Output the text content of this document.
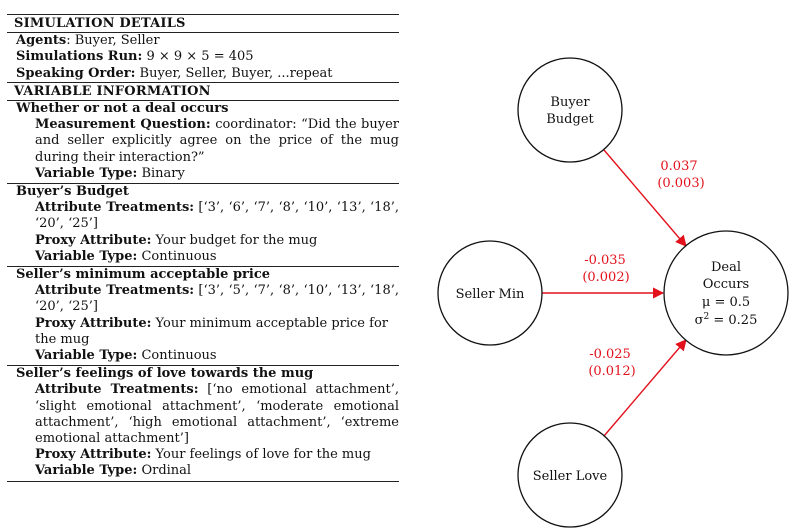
SIMULATION DETAILS
Agents: Buyer, Seller
Simulations Run: 9 × 9 × 5 = 405
Speaking Order: Buyer, Seller, Buyer, ...repeat
VARIABLE INFORMATION
Whether or not a deal occurs
Measurement Question: coordinator: “Did the buyer and seller explicitly agree on the price of the mug during their interaction?”
Variable Type: Binary
Buyer’s Budget
Attribute Treatments: [‘3’, ‘6’, ‘7’, ‘8’, ‘10’, ‘13’, ‘18’, ‘20’, ‘25’]
Proxy Attribute: Your budget for the mug
Variable Type: Continuous
Seller’s minimum acceptable price
Attribute Treatments: [‘3’, ‘5’, ‘7’, ‘8’, ‘10’, ‘13’, ‘18’, ‘20’, ‘25’]
Proxy Attribute: Your minimum acceptable price for the mug
Variable Type: Continuous
Seller’s feelings of love towards the mug
Attribute Treatments: [‘no emotional attachment’, ‘slight emotional attachment’, ‘moderate emotional attachment’, ‘high emotional attachment’, ‘extreme emotional attachment’]
Proxy Attribute: Your feelings of love for the mug
Variable Type: Ordinal
0.037
(0.003)
-0.035
(0.002)
-0.025
(0.012)
Buyer
Budget
Seller Min
Seller Love
Deal
Occurs
μ = 0.5
$\sigma^2 = 0.25$
